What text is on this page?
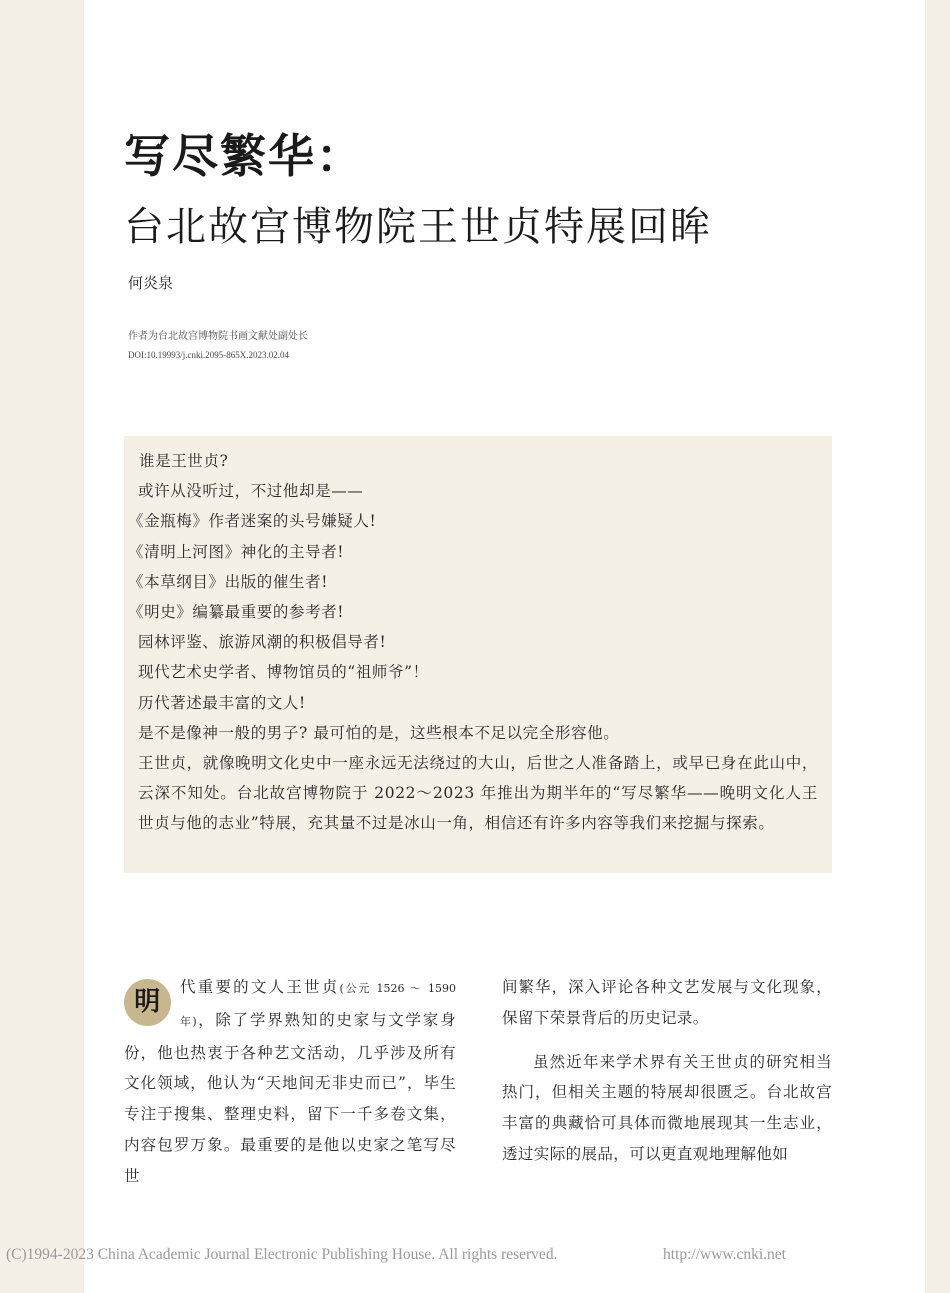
写尽繁华：
台北故宫博物院王世贞特展回眸
何炎泉
作者为台北故宫博物院书画文献处副处长
DOI:10.19993/j.cnki.2095-865X.2023.02.04
谁是王世贞?
或许从没听过，不过他却是——
《金瓶梅》作者迷案的头号嫌疑人!
《清明上河图》神化的主导者!
《本草纲目》出版的催生者!
《明史》编纂最重要的参考者!
园林评鉴、旅游风潮的积极倡导者!
现代艺术史学者、博物馆员的“祖师爷”！
历代著述最丰富的文人!
是不是像神一般的男子? 最可怕的是，这些根本不足以完全形容他。
王世贞，就像晚明文化史中一座永远无法绕过的大山，后世之人准备踏上，或早已身在此山中，云深不知处。台北故宫博物院于 2022～2023 年推出为期半年的“写尽繁华——晚明文化人王世贞与他的志业”特展，充其量不过是冰山一角，相信还有许多内容等我们来挖掘与探索。
明	代重要的文人王世贞(公元 1526 ～ 1590 年)，除了学界熟知的史家与文学家身份，他也热衷于各种艺文活动，几乎涉及所有文化领域，他认为“天地间无非史而已”，毕生专注于搜集、整理史料，留下一千多卷文集，内容包罗万象。最重要的是他以史家之笔写尽世

间繁华，深入评论各种文艺发展与文化现象，保留下荣景背后的历史记录。

虽然近年来学术界有关王世贞的研究相当热门，但相关主题的特展却很匮乏。台北故宫丰富的典藏恰可具体而微地展现其一生志业，透过实际的展品，可以更直观地理解他如

(C)1994-2023 China Academic Journal Electronic Publishing House. All rights reserved.	http://www.cnki.net
